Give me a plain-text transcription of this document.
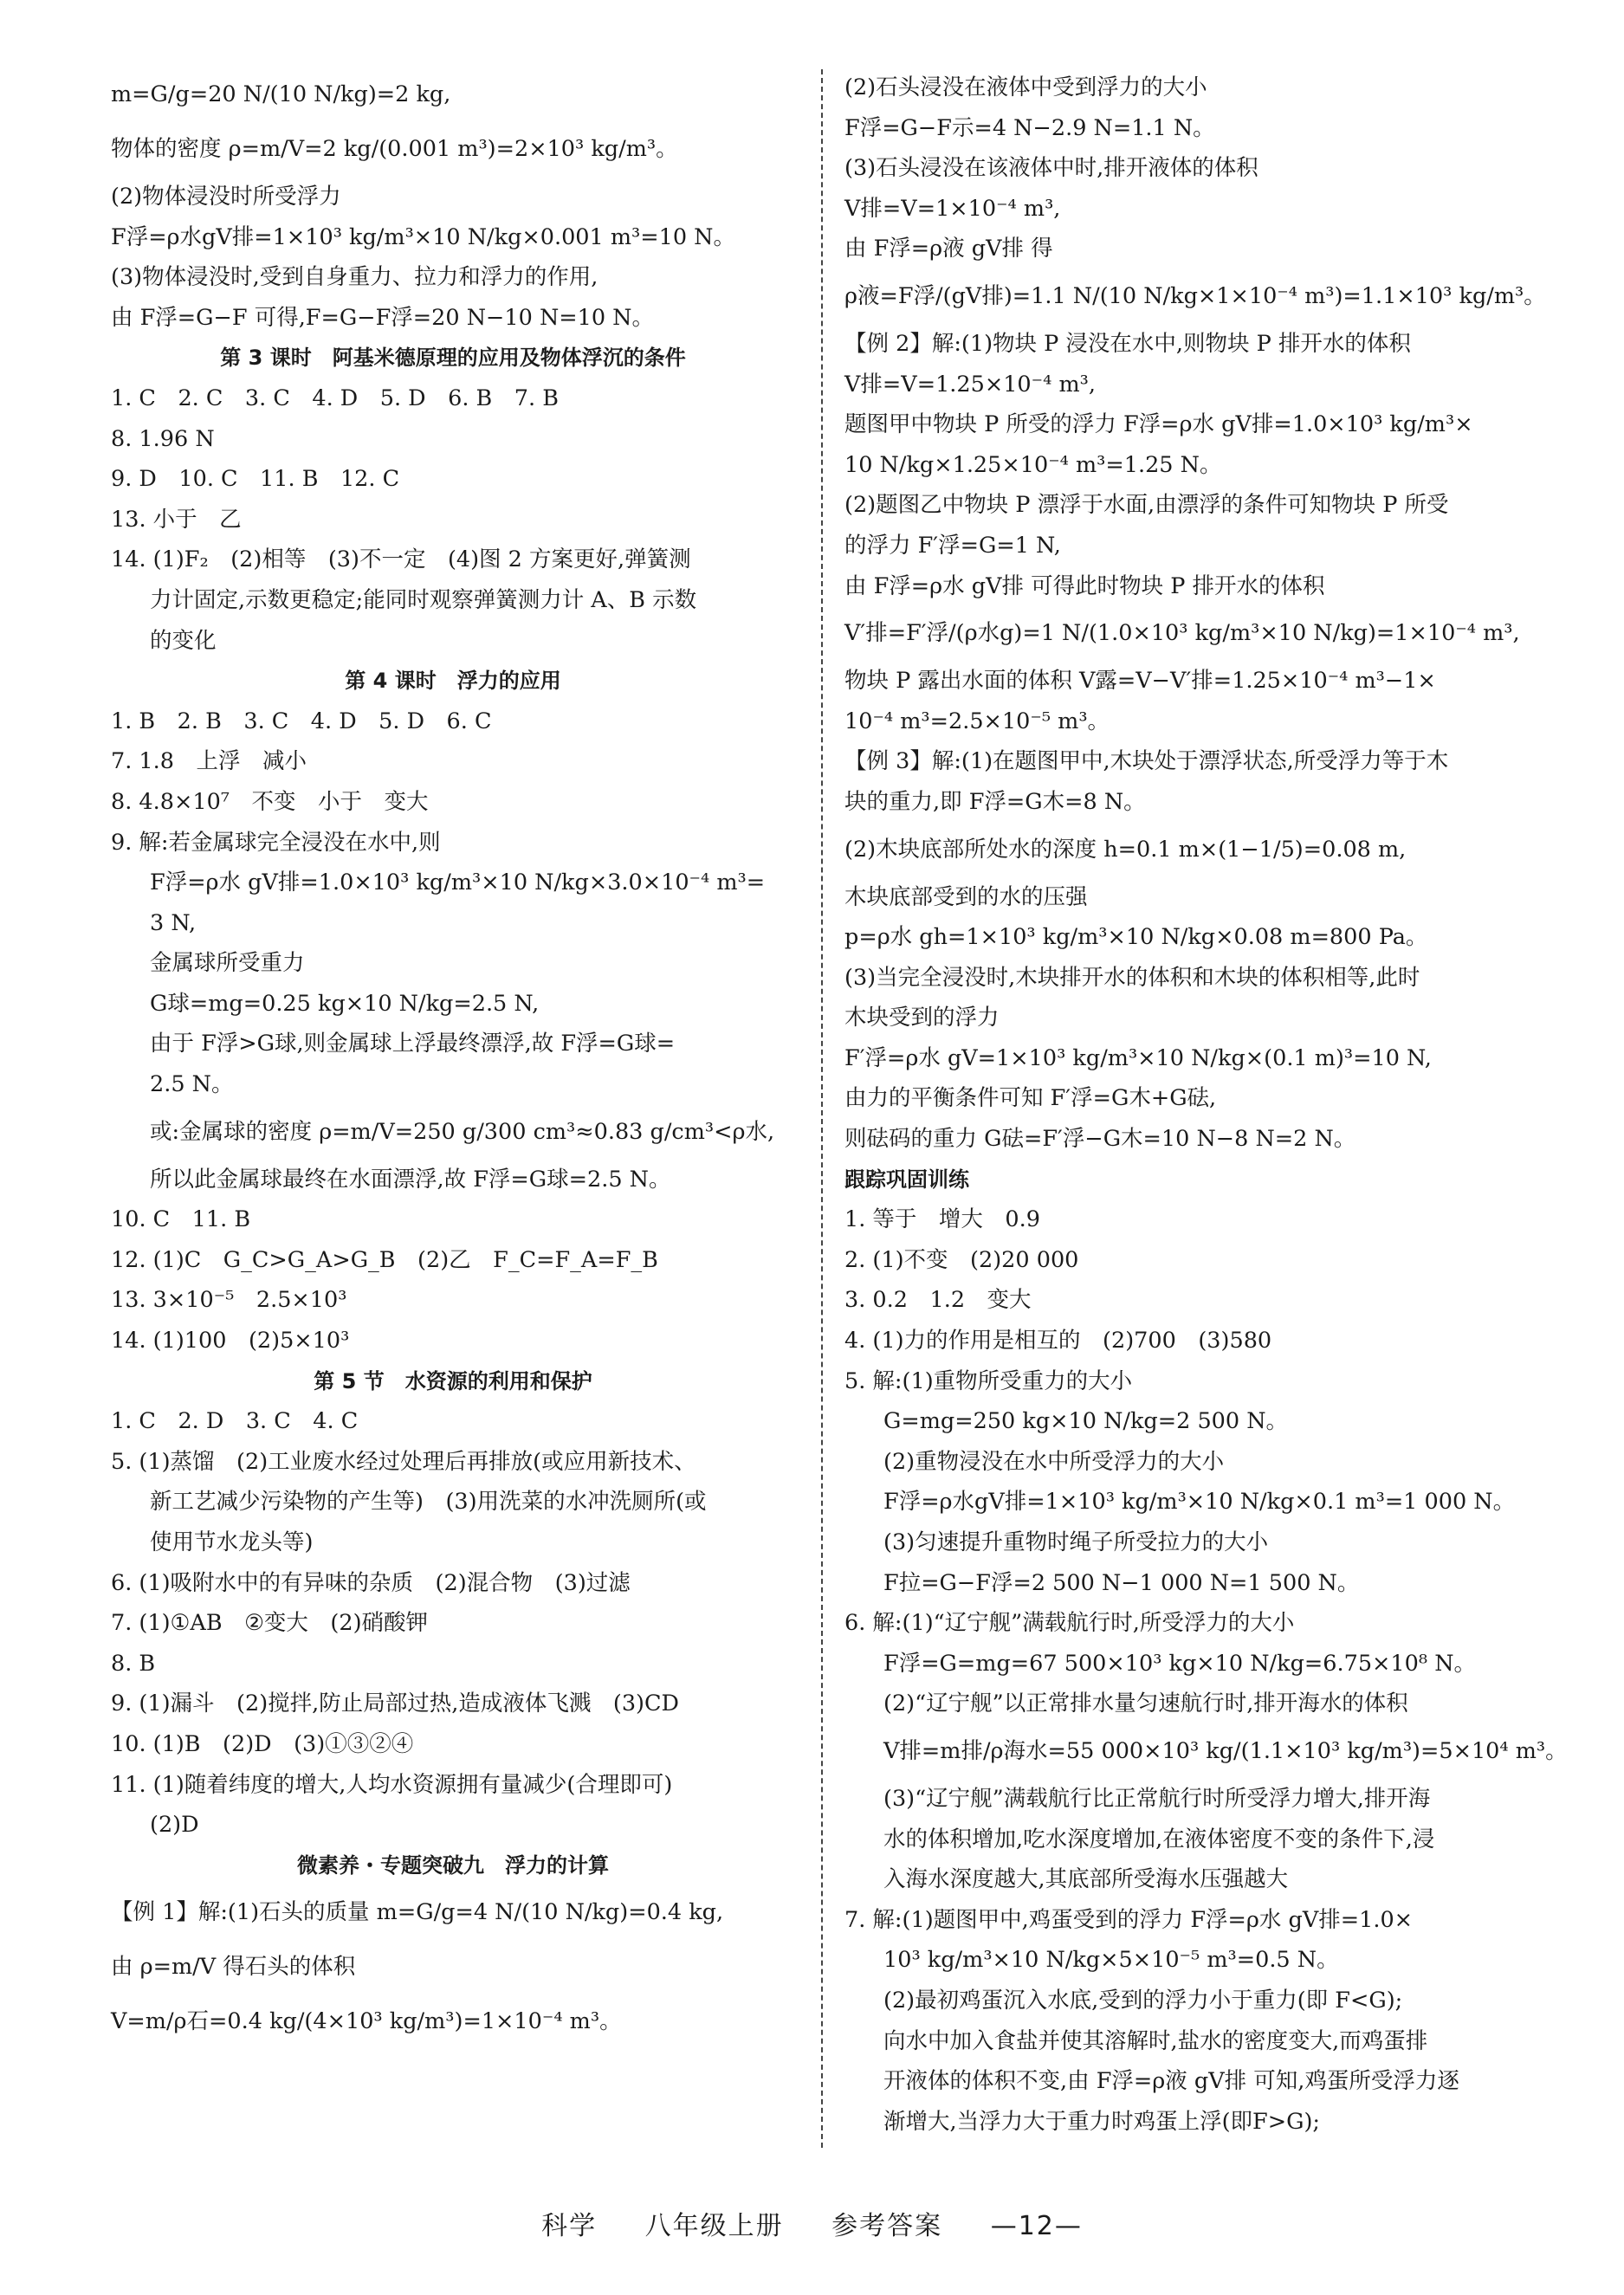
m=G/g=20 N/(10 N/kg)=2 kg,
物体的密度 ρ=m/V=2 kg/(0.001 m³)=2×10³ kg/m³。
(2)物体浸没时所受浮力
F浮=ρ水gV排=1×10³ kg/m³×10 N/kg×0.001 m³=10 N。
(3)物体浸没时,受到自身重力、拉力和浮力的作用,
由 F浮=G−F 可得,F=G−F浮=20 N−10 N=10 N。
第 3 课时　阿基米德原理的应用及物体浮沉的条件
1. C　2. C　3. C　4. D　5. D　6. B　7. B
8. 1.96 N
9. D　10. C　11. B　12. C
13. 小于　乙
14. (1)F₂　(2)相等　(3)不一定　(4)图 2 方案更好,弹簧测
力计固定,示数更稳定;能同时观察弹簧测力计 A、B 示数
的变化
第 4 课时　浮力的应用
1. B　2. B　3. C　4. D　5. D　6. C
7. 1.8　上浮　减小
8. 4.8×10⁷　不变　小于　变大
9. 解:若金属球完全浸没在水中,则
F浮=ρ水 gV排=1.0×10³ kg/m³×10 N/kg×3.0×10⁻⁴ m³=
3 N,
金属球所受重力
G球=mg=0.25 kg×10 N/kg=2.5 N,
由于 F浮>G球,则金属球上浮最终漂浮,故 F浮=G球=
2.5 N。
或:金属球的密度 ρ=m/V=250 g/300 cm³≈0.83 g/cm³<ρ水,
所以此金属球最终在水面漂浮,故 F浮=G球=2.5 N。
10. C　11. B
12. (1)C　G_C>G_A>G_B　(2)乙　F_C=F_A=F_B
13. 3×10⁻⁵　2.5×10³
14. (1)100　(2)5×10³
第 5 节　水资源的利用和保护
1. C　2. D　3. C　4. C
5. (1)蒸馏　(2)工业废水经过处理后再排放(或应用新技术、
新工艺减少污染物的产生等)　(3)用洗菜的水冲洗厕所(或
使用节水龙头等)
6. (1)吸附水中的有异味的杂质　(2)混合物　(3)过滤
7. (1)①AB　②变大　(2)硝酸钾
8. B
9. (1)漏斗　(2)搅拌,防止局部过热,造成液体飞溅　(3)CD
10. (1)B　(2)D　(3)①③②④
11. (1)随着纬度的增大,人均水资源拥有量减少(合理即可)
(2)D
微素养・专题突破九　浮力的计算
【例 1】解:(1)石头的质量 m=G/g=4 N/(10 N/kg)=0.4 kg,
由 ρ=m/V 得石头的体积
V=m/ρ石=0.4 kg/(4×10³ kg/m³)=1×10⁻⁴ m³。
(2)石头浸没在液体中受到浮力的大小
F浮=G−F示=4 N−2.9 N=1.1 N。
(3)石头浸没在该液体中时,排开液体的体积
V排=V=1×10⁻⁴ m³,
由 F浮=ρ液 gV排 得
ρ液=F浮/(gV排)=1.1 N/(10 N/kg×1×10⁻⁴ m³)=1.1×10³ kg/m³。
【例 2】解:(1)物块 P 浸没在水中,则物块 P 排开水的体积
V排=V=1.25×10⁻⁴ m³,
题图甲中物块 P 所受的浮力 F浮=ρ水 gV排=1.0×10³ kg/m³×
10 N/kg×1.25×10⁻⁴ m³=1.25 N。
(2)题图乙中物块 P 漂浮于水面,由漂浮的条件可知物块 P 所受
的浮力 F′浮=G=1 N,
由 F浮=ρ水 gV排 可得此时物块 P 排开水的体积
V′排=F′浮/(ρ水g)=1 N/(1.0×10³ kg/m³×10 N/kg)=1×10⁻⁴ m³,
物块 P 露出水面的体积 V露=V−V′排=1.25×10⁻⁴ m³−1×
10⁻⁴ m³=2.5×10⁻⁵ m³。
【例 3】解:(1)在题图甲中,木块处于漂浮状态,所受浮力等于木
块的重力,即 F浮=G木=8 N。
(2)木块底部所处水的深度 h=0.1 m×(1−1/5)=0.08 m,
木块底部受到的水的压强
p=ρ水 gh=1×10³ kg/m³×10 N/kg×0.08 m=800 Pa。
(3)当完全浸没时,木块排开水的体积和木块的体积相等,此时
木块受到的浮力
F′浮=ρ水 gV=1×10³ kg/m³×10 N/kg×(0.1 m)³=10 N,
由力的平衡条件可知 F′浮=G木+G砝,
则砝码的重力 G砝=F′浮−G木=10 N−8 N=2 N。
跟踪巩固训练
1. 等于　增大　0.9
2. (1)不变　(2)20 000
3. 0.2　1.2　变大
4. (1)力的作用是相互的　(2)700　(3)580
5. 解:(1)重物所受重力的大小
G=mg=250 kg×10 N/kg=2 500 N。
(2)重物浸没在水中所受浮力的大小
F浮=ρ水gV排=1×10³ kg/m³×10 N/kg×0.1 m³=1 000 N。
(3)匀速提升重物时绳子所受拉力的大小
F拉=G−F浮=2 500 N−1 000 N=1 500 N。
6. 解:(1)“辽宁舰”满载航行时,所受浮力的大小
F浮=G=mg=67 500×10³ kg×10 N/kg=6.75×10⁸ N。
(2)“辽宁舰”以正常排水量匀速航行时,排开海水的体积
V排=m排/ρ海水=55 000×10³ kg/(1.1×10³ kg/m³)=5×10⁴ m³。
(3)“辽宁舰”满载航行比正常航行时所受浮力增大,排开海
水的体积增加,吃水深度增加,在液体密度不变的条件下,浸
入海水深度越大,其底部所受海水压强越大
7. 解:(1)题图甲中,鸡蛋受到的浮力 F浮=ρ水 gV排=1.0×
10³ kg/m³×10 N/kg×5×10⁻⁵ m³=0.5 N。
(2)最初鸡蛋沉入水底,受到的浮力小于重力(即 F<G);
向水中加入食盐并使其溶解时,盐水的密度变大,而鸡蛋排
开液体的体积不变,由 F浮=ρ液 gV排 可知,鸡蛋所受浮力逐
渐增大,当浮力大于重力时鸡蛋上浮(即F>G);
科学 八年级上册 参考答案 —12—
